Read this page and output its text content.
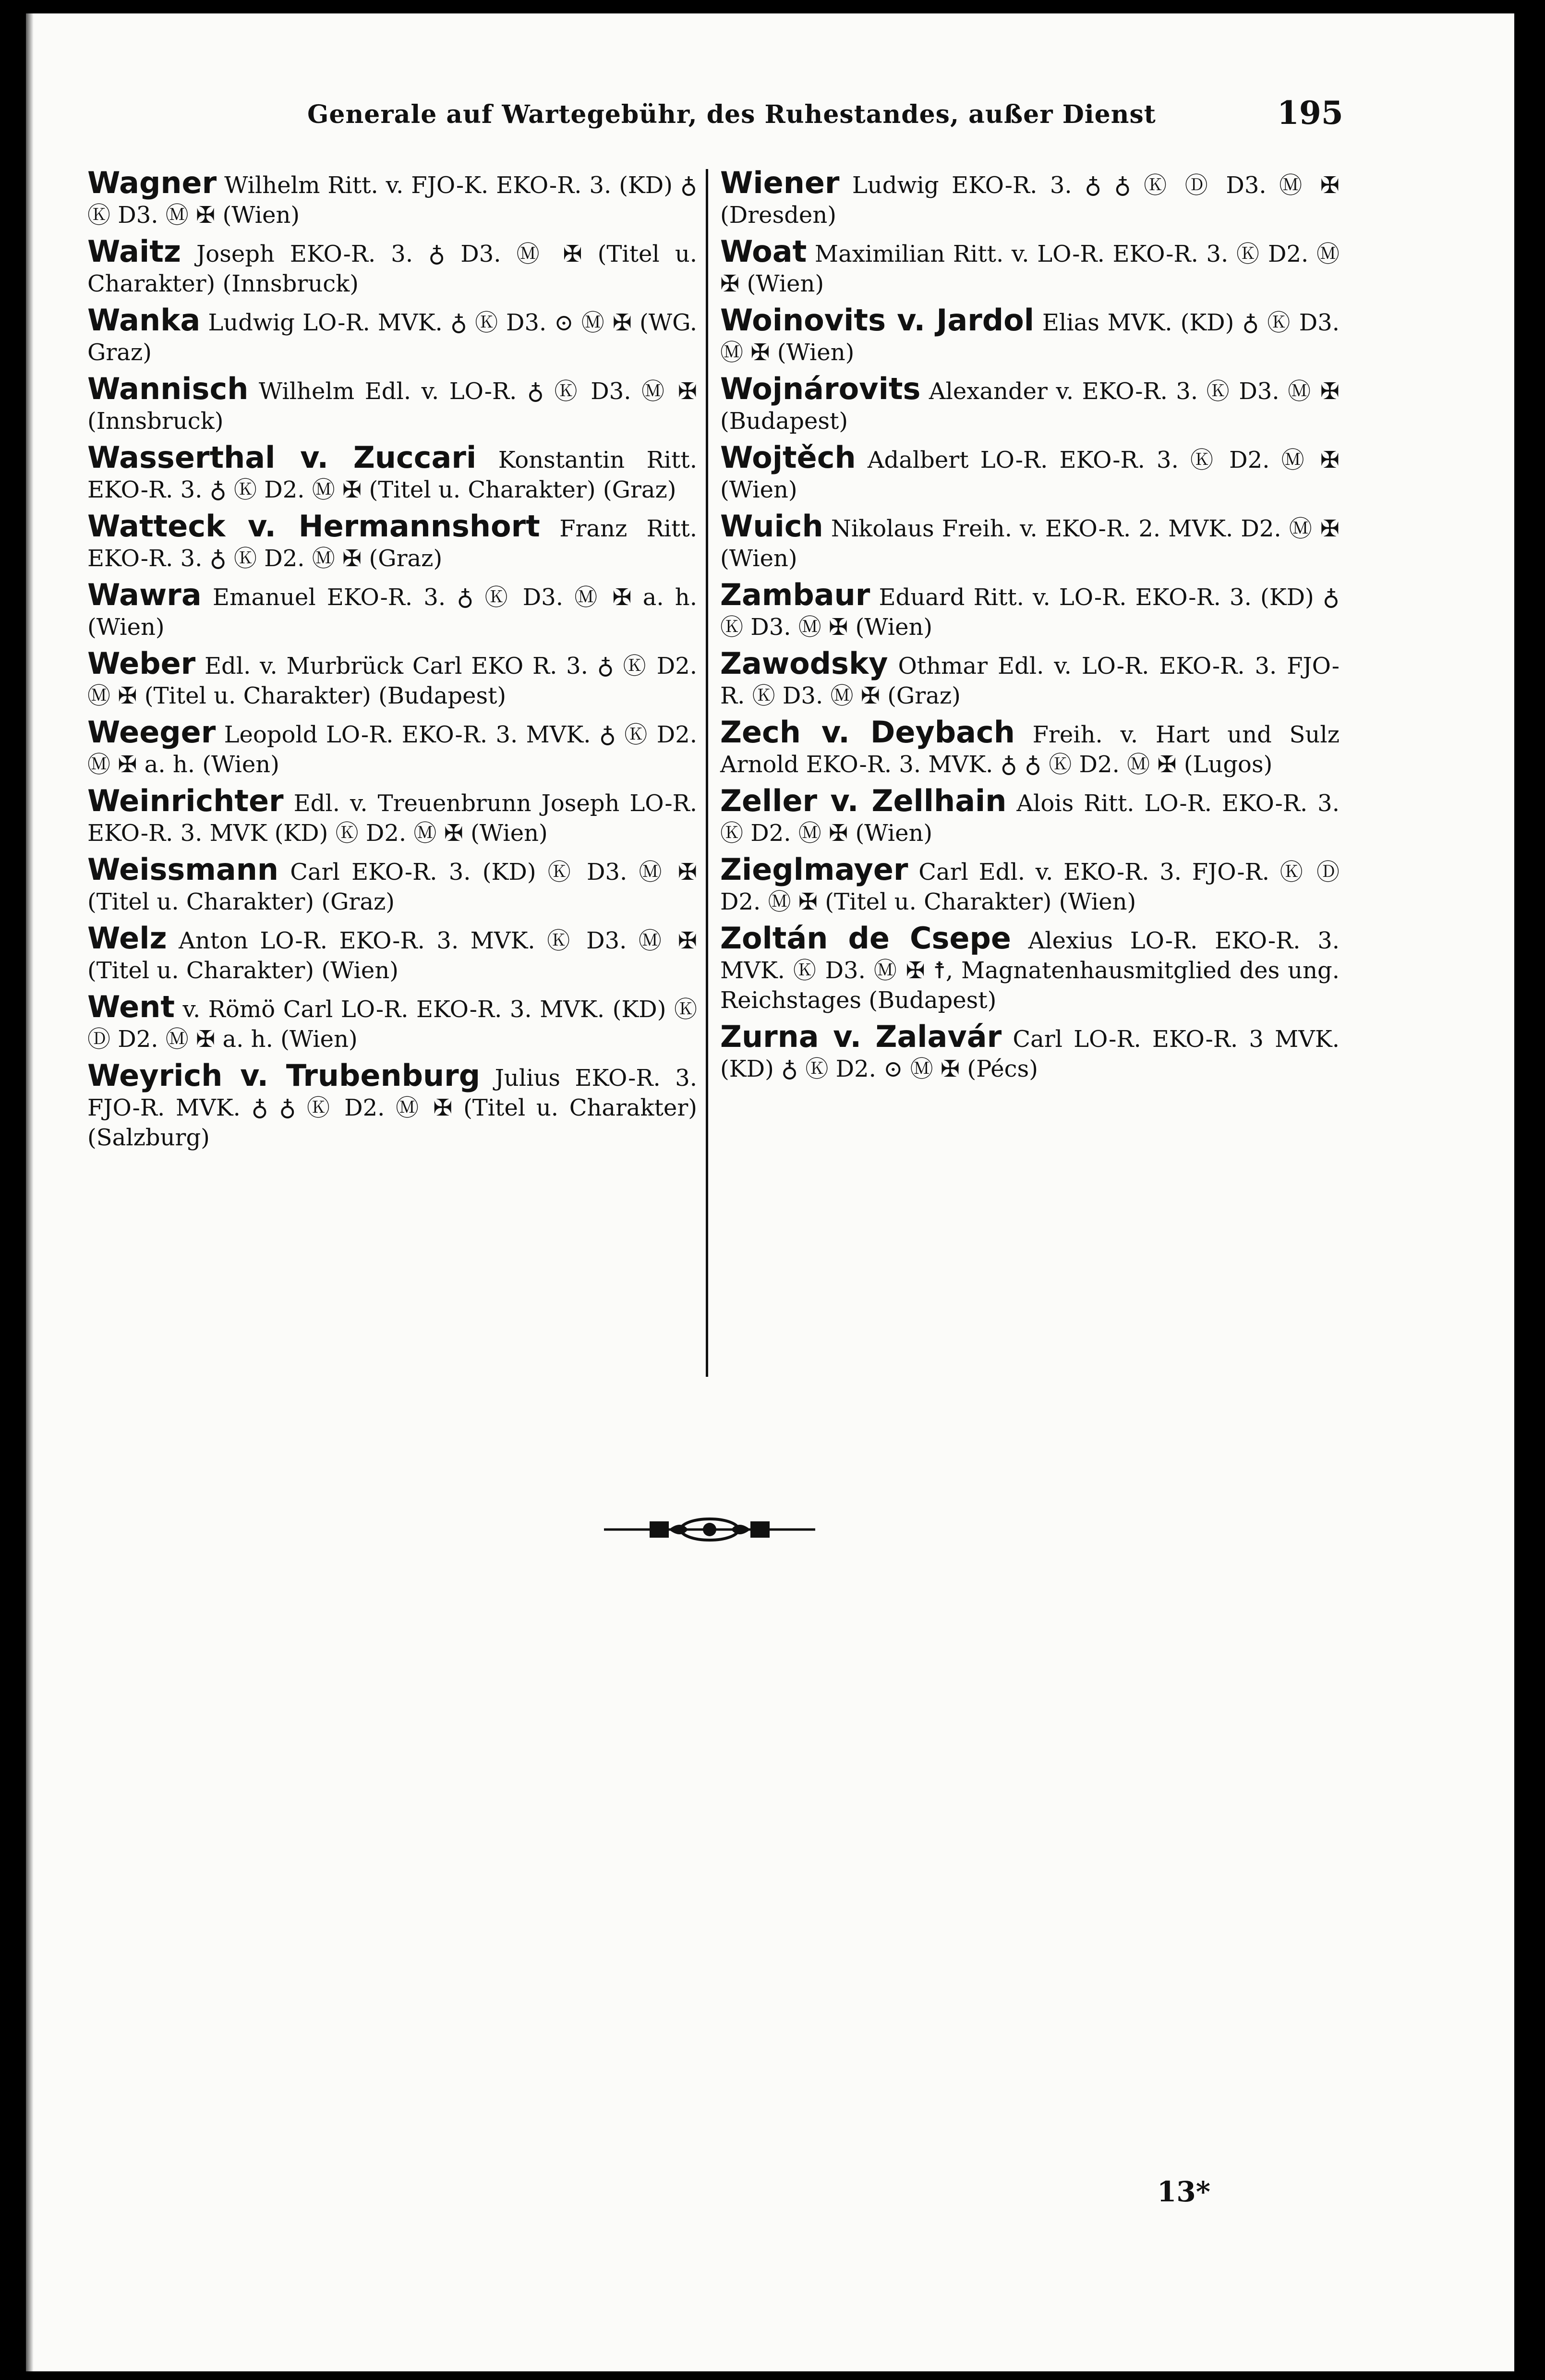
Generale auf Wartegebühr, des Ruhestandes, außer Dienst	195

Wagner Wilhelm Ritt. v. FJO-K. EKO-R. 3. (KD) ♁ Ⓚ D3. Ⓜ ✠ (Wien)

Waitz Joseph EKO-R. 3. ♁ D3. Ⓜ ✠ (Titel u. Charakter) (Innsbruck)

Wanka Ludwig LO-R. MVK. ♁ Ⓚ D3. ⊙ Ⓜ ✠ (WG. Graz)

Wannisch Wilhelm Edl. v. LO-R. ♁ Ⓚ D3. Ⓜ ✠ (Innsbruck)

Wasserthal v. Zuccari Konstantin Ritt. EKO-R. 3. ♁ Ⓚ D2. Ⓜ ✠ (Titel u. Charakter) (Graz)

Watteck v. Hermannshort Franz Ritt. EKO-R. 3. ♁ Ⓚ D2. Ⓜ ✠ (Graz)

Wawra Emanuel EKO-R. 3. ♁ Ⓚ D3. Ⓜ ✠ a. h. (Wien)

Weber Edl. v. Murbrück Carl EKO R. 3. ♁ Ⓚ D2. Ⓜ ✠ (Titel u. Charakter) (Budapest)

Weeger Leopold LO-R. EKO-R. 3. MVK. ♁ Ⓚ D2. Ⓜ ✠ a. h. (Wien)

Weinrichter Edl. v. Treuenbrunn Joseph LO-R. EKO-R. 3. MVK (KD) Ⓚ D2. Ⓜ ✠ (Wien)

Weissmann Carl EKO-R. 3. (KD) Ⓚ D3. Ⓜ ✠ (Titel u. Charakter) (Graz)

Welz Anton LO-R. EKO-R. 3. MVK. Ⓚ D3. Ⓜ ✠ (Titel u. Charakter) (Wien)

Went v. Römö Carl LO-R. EKO-R. 3. MVK. (KD) Ⓚ Ⓓ D2. Ⓜ ✠ a. h. (Wien)

Weyrich v. Trubenburg Julius EKO-R. 3. FJO-R. MVK. ♁ ♁ Ⓚ D2. Ⓜ ✠ (Titel u. Charakter) (Salzburg)

Wiener Ludwig EKO-R. 3. ♁ ♁ Ⓚ Ⓓ D3. Ⓜ ✠ (Dresden)

Woat Maximilian Ritt. v. LO-R. EKO-R. 3. Ⓚ D2. Ⓜ ✠ (Wien)

Woinovits v. Jardol Elias MVK. (KD) ♁ Ⓚ D3. Ⓜ ✠ (Wien)

Wojnárovits Alexander v. EKO-R. 3. Ⓚ D3. Ⓜ ✠ (Budapest)

Wojtěch Adalbert LO-R. EKO-R. 3. Ⓚ D2. Ⓜ ✠ (Wien)

Wuich Nikolaus Freih. v. EKO-R. 2. MVK. D2. Ⓜ ✠ (Wien)

Zambaur Eduard Ritt. v. LO-R. EKO-R. 3. (KD) ♁ Ⓚ D3. Ⓜ ✠ (Wien)

Zawodsky Othmar Edl. v. LO-R. EKO-R. 3. FJO-R. Ⓚ D3. Ⓜ ✠ (Graz)

Zech v. Deybach Freih. v. Hart und Sulz Arnold EKO-R. 3. MVK. ♁ ♁ Ⓚ D2. Ⓜ ✠ (Lugos)

Zeller v. Zellhain Alois Ritt. LO-R. EKO-R. 3. Ⓚ D2. Ⓜ ✠ (Wien)

Zieglmayer Carl Edl. v. EKO-R. 3. FJO-R. Ⓚ Ⓓ D2. Ⓜ ✠ (Titel u. Charakter) (Wien)

Zoltán de Csepe Alexius LO-R. EKO-R. 3. MVK. Ⓚ D3. Ⓜ ✠ ☨, Magnatenhausmitglied des ung. Reichstages (Budapest)

Zurna v. Zalavár Carl LO-R. EKO-R. 3 MVK. (KD) ♁ Ⓚ D2. ⊙ Ⓜ ✠ (Pécs)

13*
